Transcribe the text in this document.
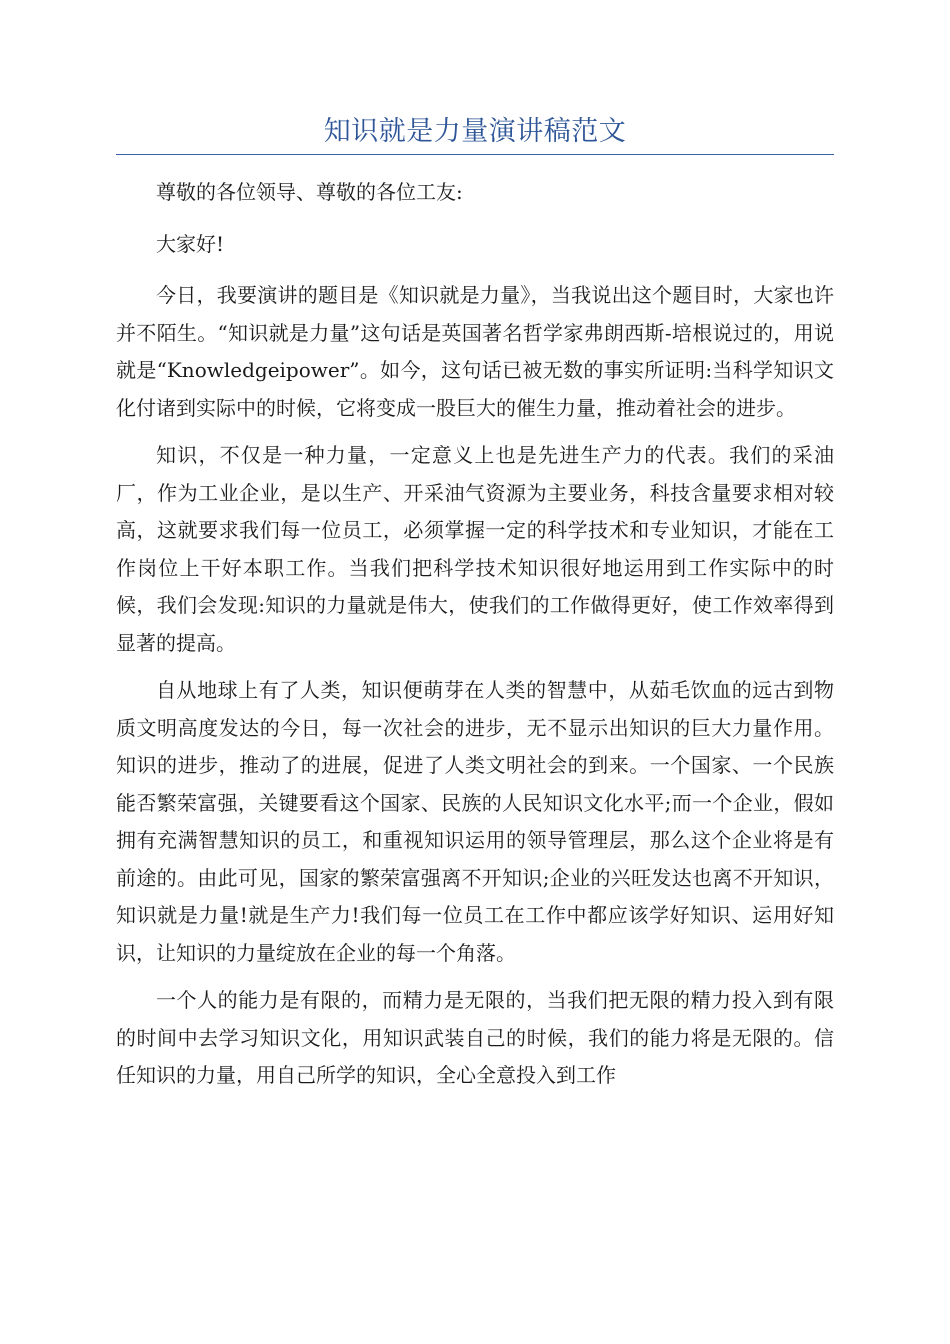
知识就是力量演讲稿范文

尊敬的各位领导、尊敬的各位工友:

大家好!

今日，我要演讲的题目是《知识就是力量》，当我说出这个题目时，大家也许并不陌生。“知识就是力量”这句话是英国著名哲学家弗朗西斯-培根说过的，用说就是“Knowledgeipower”。如今，这句话已被无数的事实所证明:当科学知识文化付诸到实际中的时候，它将变成一股巨大的催生力量，推动着社会的进步。

知识，不仅是一种力量，一定意义上也是先进生产力的代表。我们的采油厂，作为工业企业，是以生产、开采油气资源为主要业务，科技含量要求相对较高，这就要求我们每一位员工，必须掌握一定的科学技术和专业知识，才能在工作岗位上干好本职工作。当我们把科学技术知识很好地运用到工作实际中的时候，我们会发现:知识的力量就是伟大，使我们的工作做得更好，使工作效率得到显著的提高。

自从地球上有了人类，知识便萌芽在人类的智慧中，从茹毛饮血的远古到物质文明高度发达的今日，每一次社会的进步，无不显示出知识的巨大力量作用。知识的进步，推动了的进展，促进了人类文明社会的到来。一个国家、一个民族能否繁荣富强，关键要看这个国家、民族的人民知识文化水平;而一个企业，假如拥有充满智慧知识的员工，和重视知识运用的领导管理层，那么这个企业将是有前途的。由此可见，国家的繁荣富强离不开知识;企业的兴旺发达也离不开知识，知识就是力量!就是生产力!我们每一位员工在工作中都应该学好知识、运用好知识，让知识的力量绽放在企业的每一个角落。

一个人的能力是有限的，而精力是无限的，当我们把无限的精力投入到有限的时间中去学习知识文化，用知识武装自己的时候，我们的能力将是无限的。信任知识的力量，用自己所学的知识，全心全意投入到工作
